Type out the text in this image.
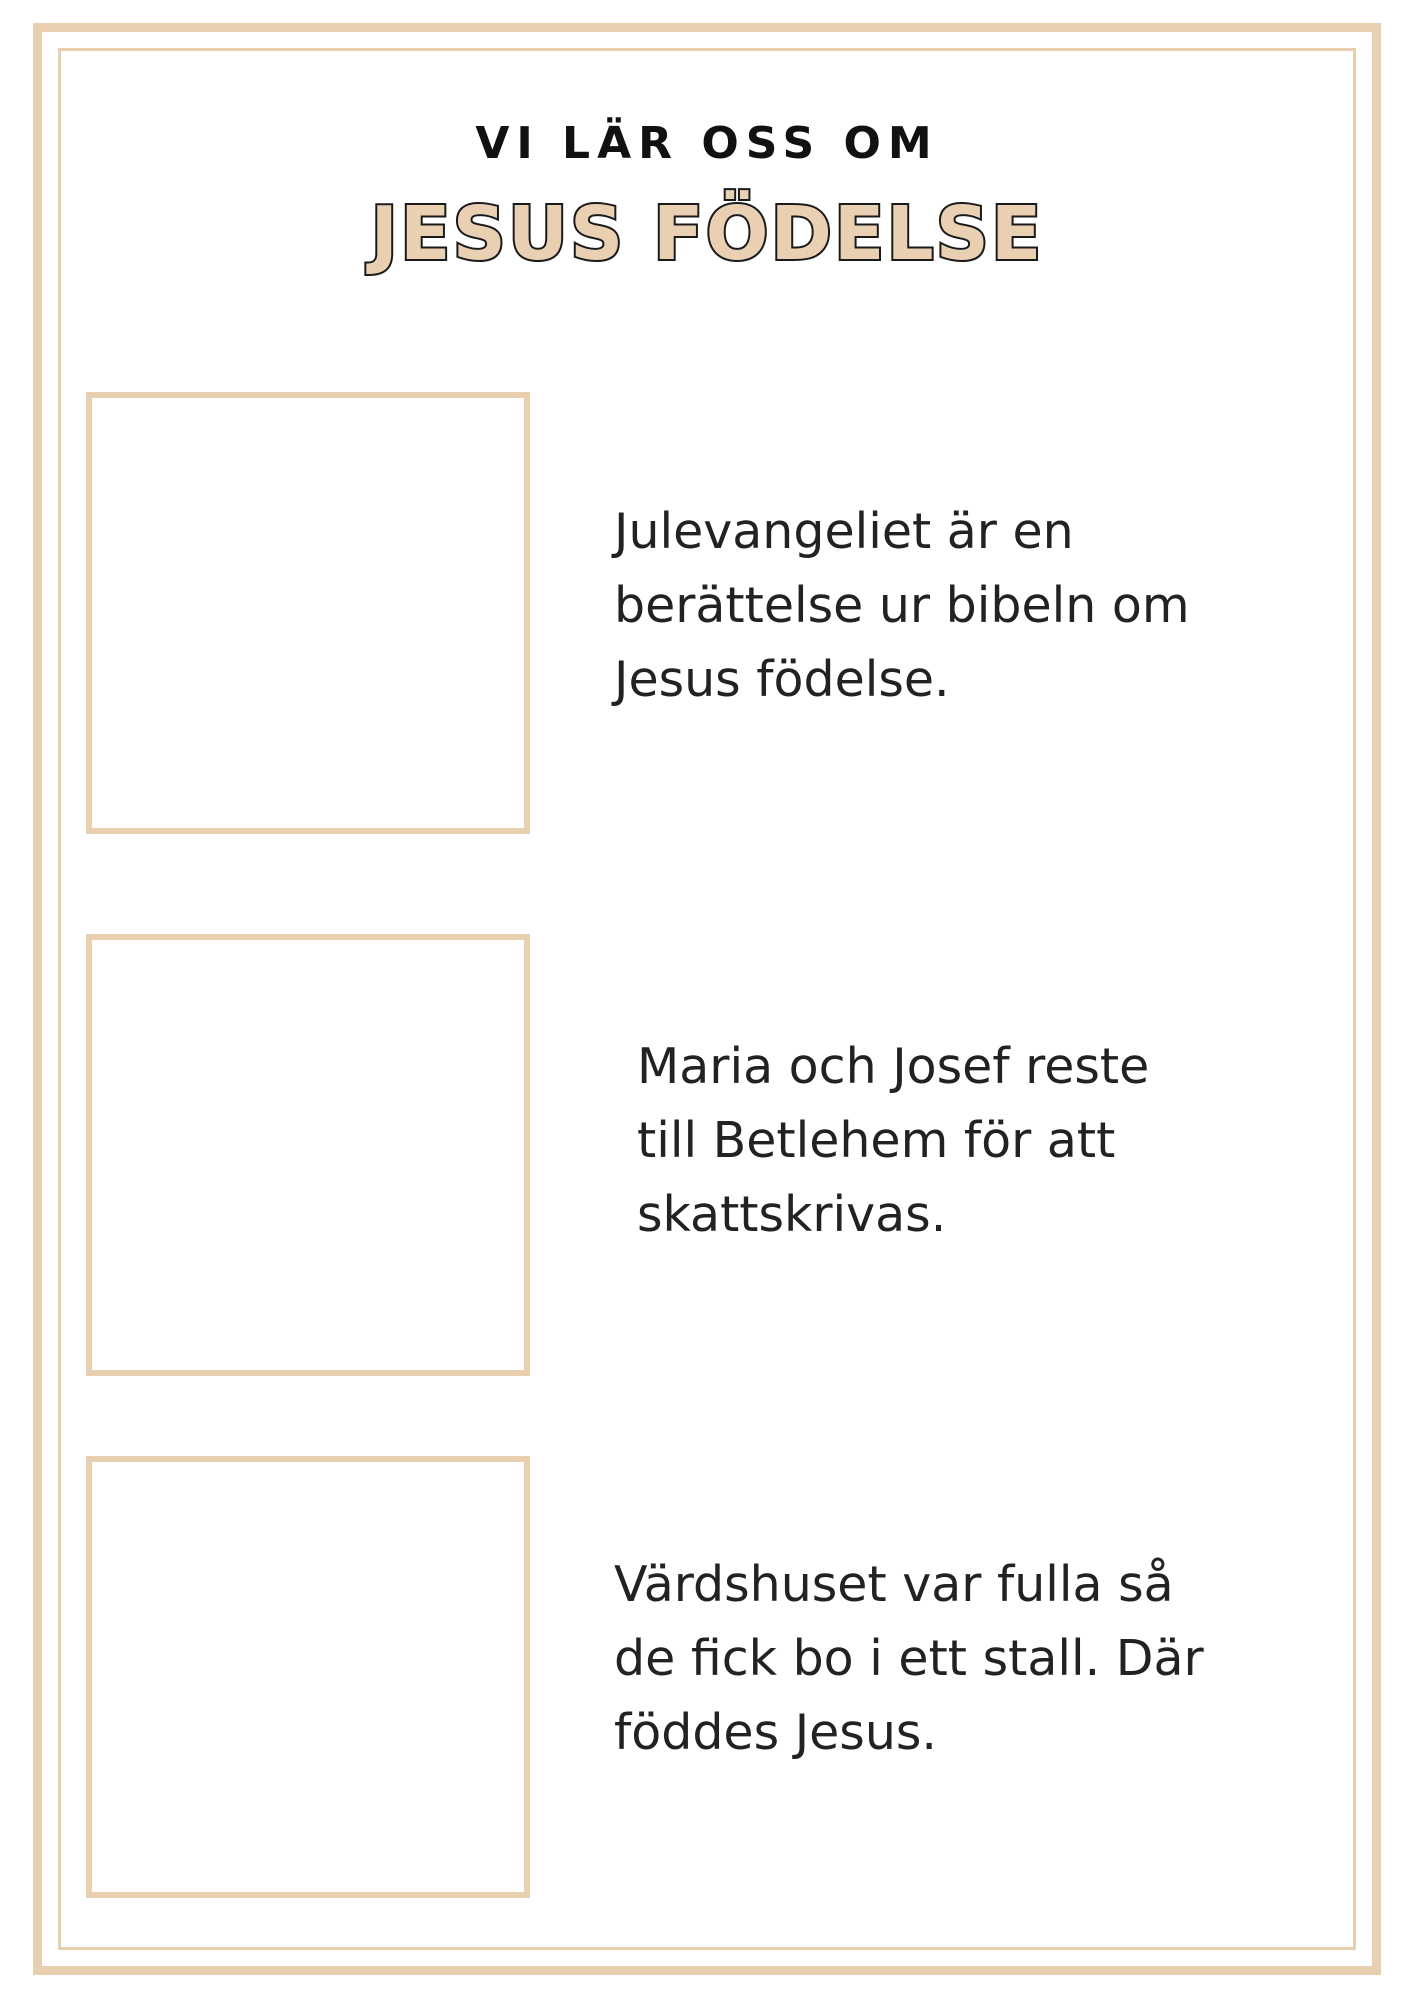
VI LÄR OSS OM
JESUS FÖDELSE
Julevangeliet är en
berättelse ur bibeln om
Jesus födelse.
Maria och Josef reste
till Betlehem för att
skattskrivas.
Värdshuset var fulla så
de fick bo i ett stall. Där
föddes Jesus.
